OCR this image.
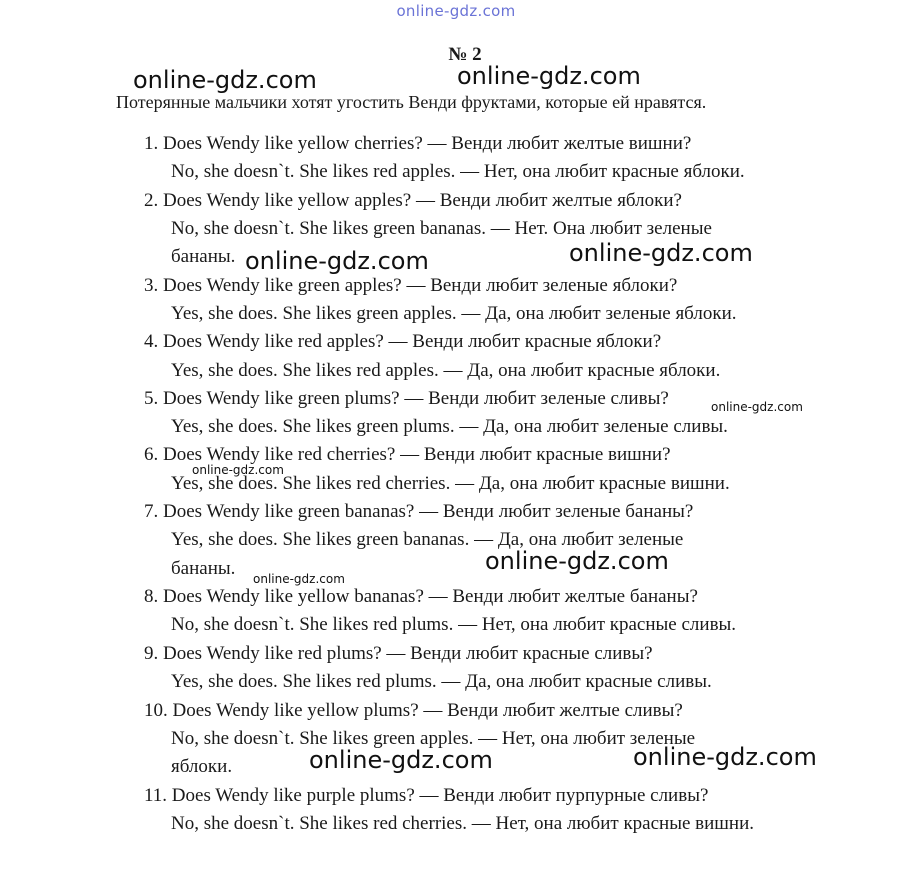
online-gdz.com
№ 2
Потерянные мальчики хотят угостить Венди фруктами, которые ей нравятся.
1. Does Wendy like yellow cherries? — Венди любит желтые вишни?
No, she doesn`t. She likes red apples. — Нет, она любит красные яблоки.
2. Does Wendy like yellow apples? — Венди любит желтые яблоки?
No, she doesn`t. She likes green bananas. — Нет. Она любит зеленые
бананы.
3. Does Wendy like green apples? — Венди любит зеленые яблоки?
Yes, she does. She likes green apples. — Да, она любит зеленые яблоки.
4. Does Wendy like red apples? — Венди любит красные яблоки?
Yes, she does. She likes red apples. — Да, она любит красные яблоки.
5. Does Wendy like green plums? — Венди любит зеленые сливы?
Yes, she does. She likes green plums. — Да, она любит зеленые сливы.
6. Does Wendy like red cherries? — Венди любит красные вишни?
Yes, she does. She likes red cherries. — Да, она любит красные вишни.
7. Does Wendy like green bananas? — Венди любит зеленые бананы?
Yes, she does. She likes green bananas. — Да, она любит зеленые
бананы.
8. Does Wendy like yellow bananas? — Венди любит желтые бананы?
No, she doesn`t. She likes red plums. — Нет, она любит красные сливы.
9. Does Wendy like red plums? — Венди любит красные сливы?
Yes, she does. She likes red plums. — Да, она любит красные сливы.
10. Does Wendy like yellow plums? — Венди любит желтые сливы?
No, she doesn`t. She likes green apples. — Нет, она любит зеленые
яблоки.
11. Does Wendy like purple plums? — Венди любит пурпурные сливы?
No, she doesn`t. She likes red cherries. — Нет, она любит красные вишни.
online-gdz.com	online-gdz.com
online-gdz.com	online-gdz.com
online-gdz.com
online-gdz.com
online-gdz.com
online-gdz.com
online-gdz.com	online-gdz.com
